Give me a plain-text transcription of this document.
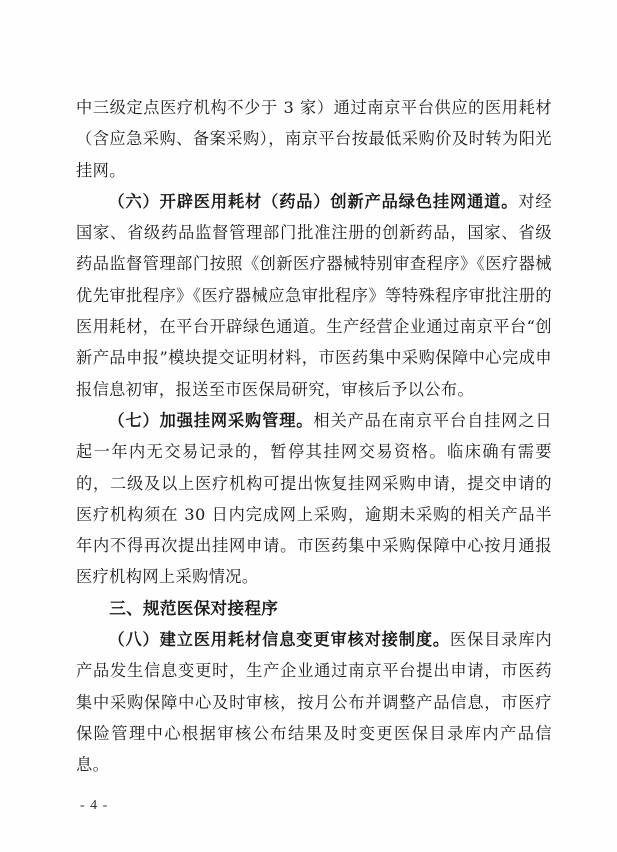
中三级定点医疗机构不少于 3 家）通过南京平台供应的医用耗材（含应急采购、备案采购），南京平台按最低采购价及时转为阳光挂网。

（六）开辟医用耗材（药品）创新产品绿色挂网通道。对经国家、省级药品监督管理部门批准注册的创新药品，国家、省级药品监督管理部门按照《创新医疗器械特别审查程序》《医疗器械优先审批程序》《医疗器械应急审批程序》等特殊程序审批注册的医用耗材，在平台开辟绿色通道。生产经营企业通过南京平台“创新产品申报”模块提交证明材料，市医药集中采购保障中心完成申报信息初审，报送至市医保局研究，审核后予以公布。

（七）加强挂网采购管理。相关产品在南京平台自挂网之日起一年内无交易记录的，暂停其挂网交易资格。临床确有需要的，二级及以上医疗机构可提出恢复挂网采购申请，提交申请的医疗机构须在 30 日内完成网上采购，逾期未采购的相关产品半年内不得再次提出挂网申请。市医药集中采购保障中心按月通报医疗机构网上采购情况。

三、规范医保对接程序

（八）建立医用耗材信息变更审核对接制度。医保目录库内产品发生信息变更时，生产企业通过南京平台提出申请，市医药集中采购保障中心及时审核，按月公布并调整产品信息，市医疗保险管理中心根据审核公布结果及时变更医保目录库内产品信息。

- 4 -
